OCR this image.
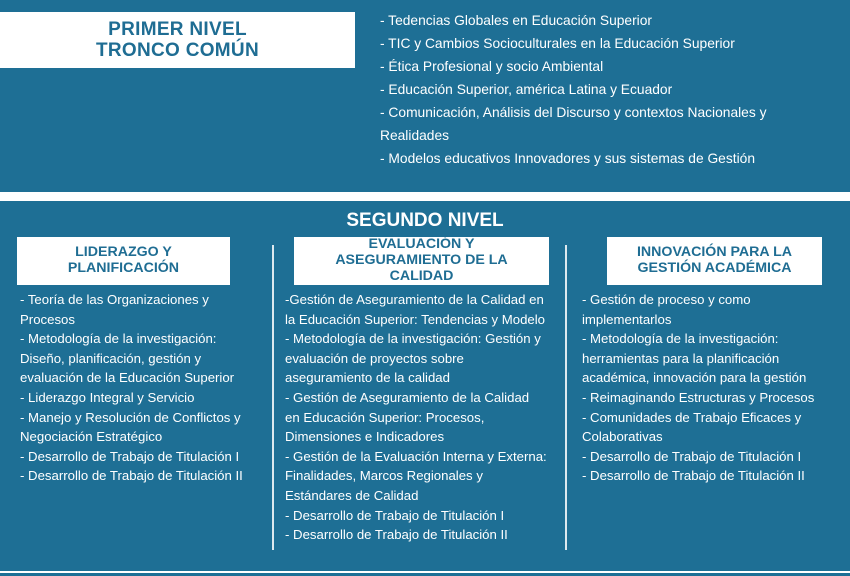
PRIMER NIVEL
TRONCO COMÚN
- Tedencias Globales en Educación Superior
- TIC y Cambios Socioculturales en la Educación Superior
- Ética Profesional y socio Ambiental
- Educación Superior, américa Latina y Ecuador
- Comunicación, Análisis del Discurso y contextos Nacionales y
Realidades
- Modelos educativos Innovadores y sus sistemas de Gestión
SEGUNDO NIVEL
LIDERAZGO Y
PLANIFICACIÓN
EVALUACIÓN Y
ASEGURAMIENTO DE LA
CALIDAD
INNOVACIÓN PARA LA
GESTIÓN ACADÉMICA
- Teoría de las Organizaciones y
Procesos
- Metodología de la investigación:
Diseño, planificación, gestión y
evaluación de la Educación Superior
- Liderazgo Integral y Servicio
- Manejo y Resolución de Conflictos y
Negociación Estratégico
- Desarrollo de Trabajo de Titulación I
- Desarrollo de Trabajo de Titulación II
-Gestión de Aseguramiento de la Calidad en
la Educación Superior: Tendencias y Modelo
- Metodología de la investigación: Gestión y
evaluación de proyectos sobre
aseguramiento de la calidad
- Gestión de Aseguramiento de la Calidad
en Educación Superior: Procesos,
Dimensiones e Indicadores
- Gestión de la Evaluación Interna y Externa:
Finalidades, Marcos Regionales y
Estándares de Calidad
- Desarrollo de Trabajo de Titulación I
- Desarrollo de Trabajo de Titulación II
- Gestión de proceso y como
implementarlos
- Metodología de la investigación:
herramientas para la planificación
académica, innovación para la gestión
- Reimaginando Estructuras y Procesos
- Comunidades de Trabajo Eficaces y
Colaborativas
- Desarrollo de Trabajo de Titulación I
- Desarrollo de Trabajo de Titulación II
